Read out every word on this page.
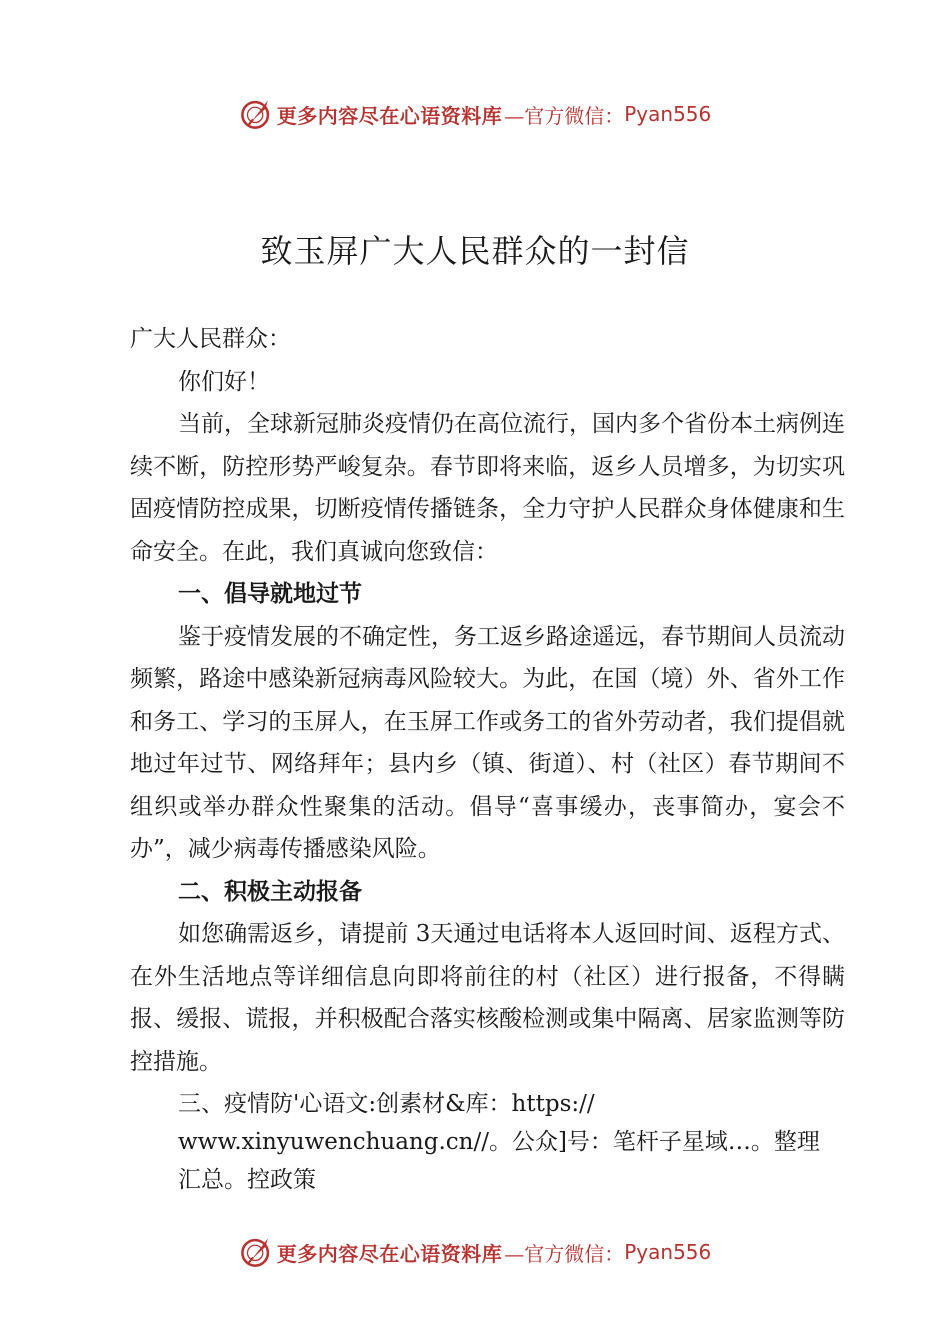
更多内容尽在心语资料库 —官方微信： Pyan556
致玉屏广大人民群众的一封信

广大人民群众：

你们好！

当前，全球新冠肺炎疫情仍在高位流行，国内多个省份本土病例连续不断，防控形势严峻复杂。春节即将来临，返乡人员增多，为切实巩固疫情防控成果，切断疫情传播链条，全力守护人民群众身体健康和生命安全。在此，我们真诚向您致信：

一、倡导就地过节

鉴于疫情发展的不确定性，务工返乡路途遥远，春节期间人员流动频繁，路途中感染新冠病毒风险较大。为此，在国（境）外、省外工作和务工、学习的玉屏人，在玉屏工作或务工的省外劳动者，我们提倡就地过年过节、网络拜年；县内乡（镇、街道）、村（社区）春节期间不组织或举办群众性聚集的活动。倡导“喜事缓办，丧事简办，宴会不办”，减少病毒传播感染风险。

二、积极主动报备

如您确需返乡，请提前 3天通过电话将本人返回时间、返程方式、在外生活地点等详细信息向即将前往的村（社区）进行报备，不得瞒报、缓报、谎报，并积极配合落实核酸检测或集中隔离、居家监测等防控措施。

三、疫情防'心语文:创素材&库：https://

www.xinyuwenchuang.cn//。公众]号：笔杆子星域…。整理

汇总。控政策

更多内容尽在心语资料库 —官方微信： Pyan556
